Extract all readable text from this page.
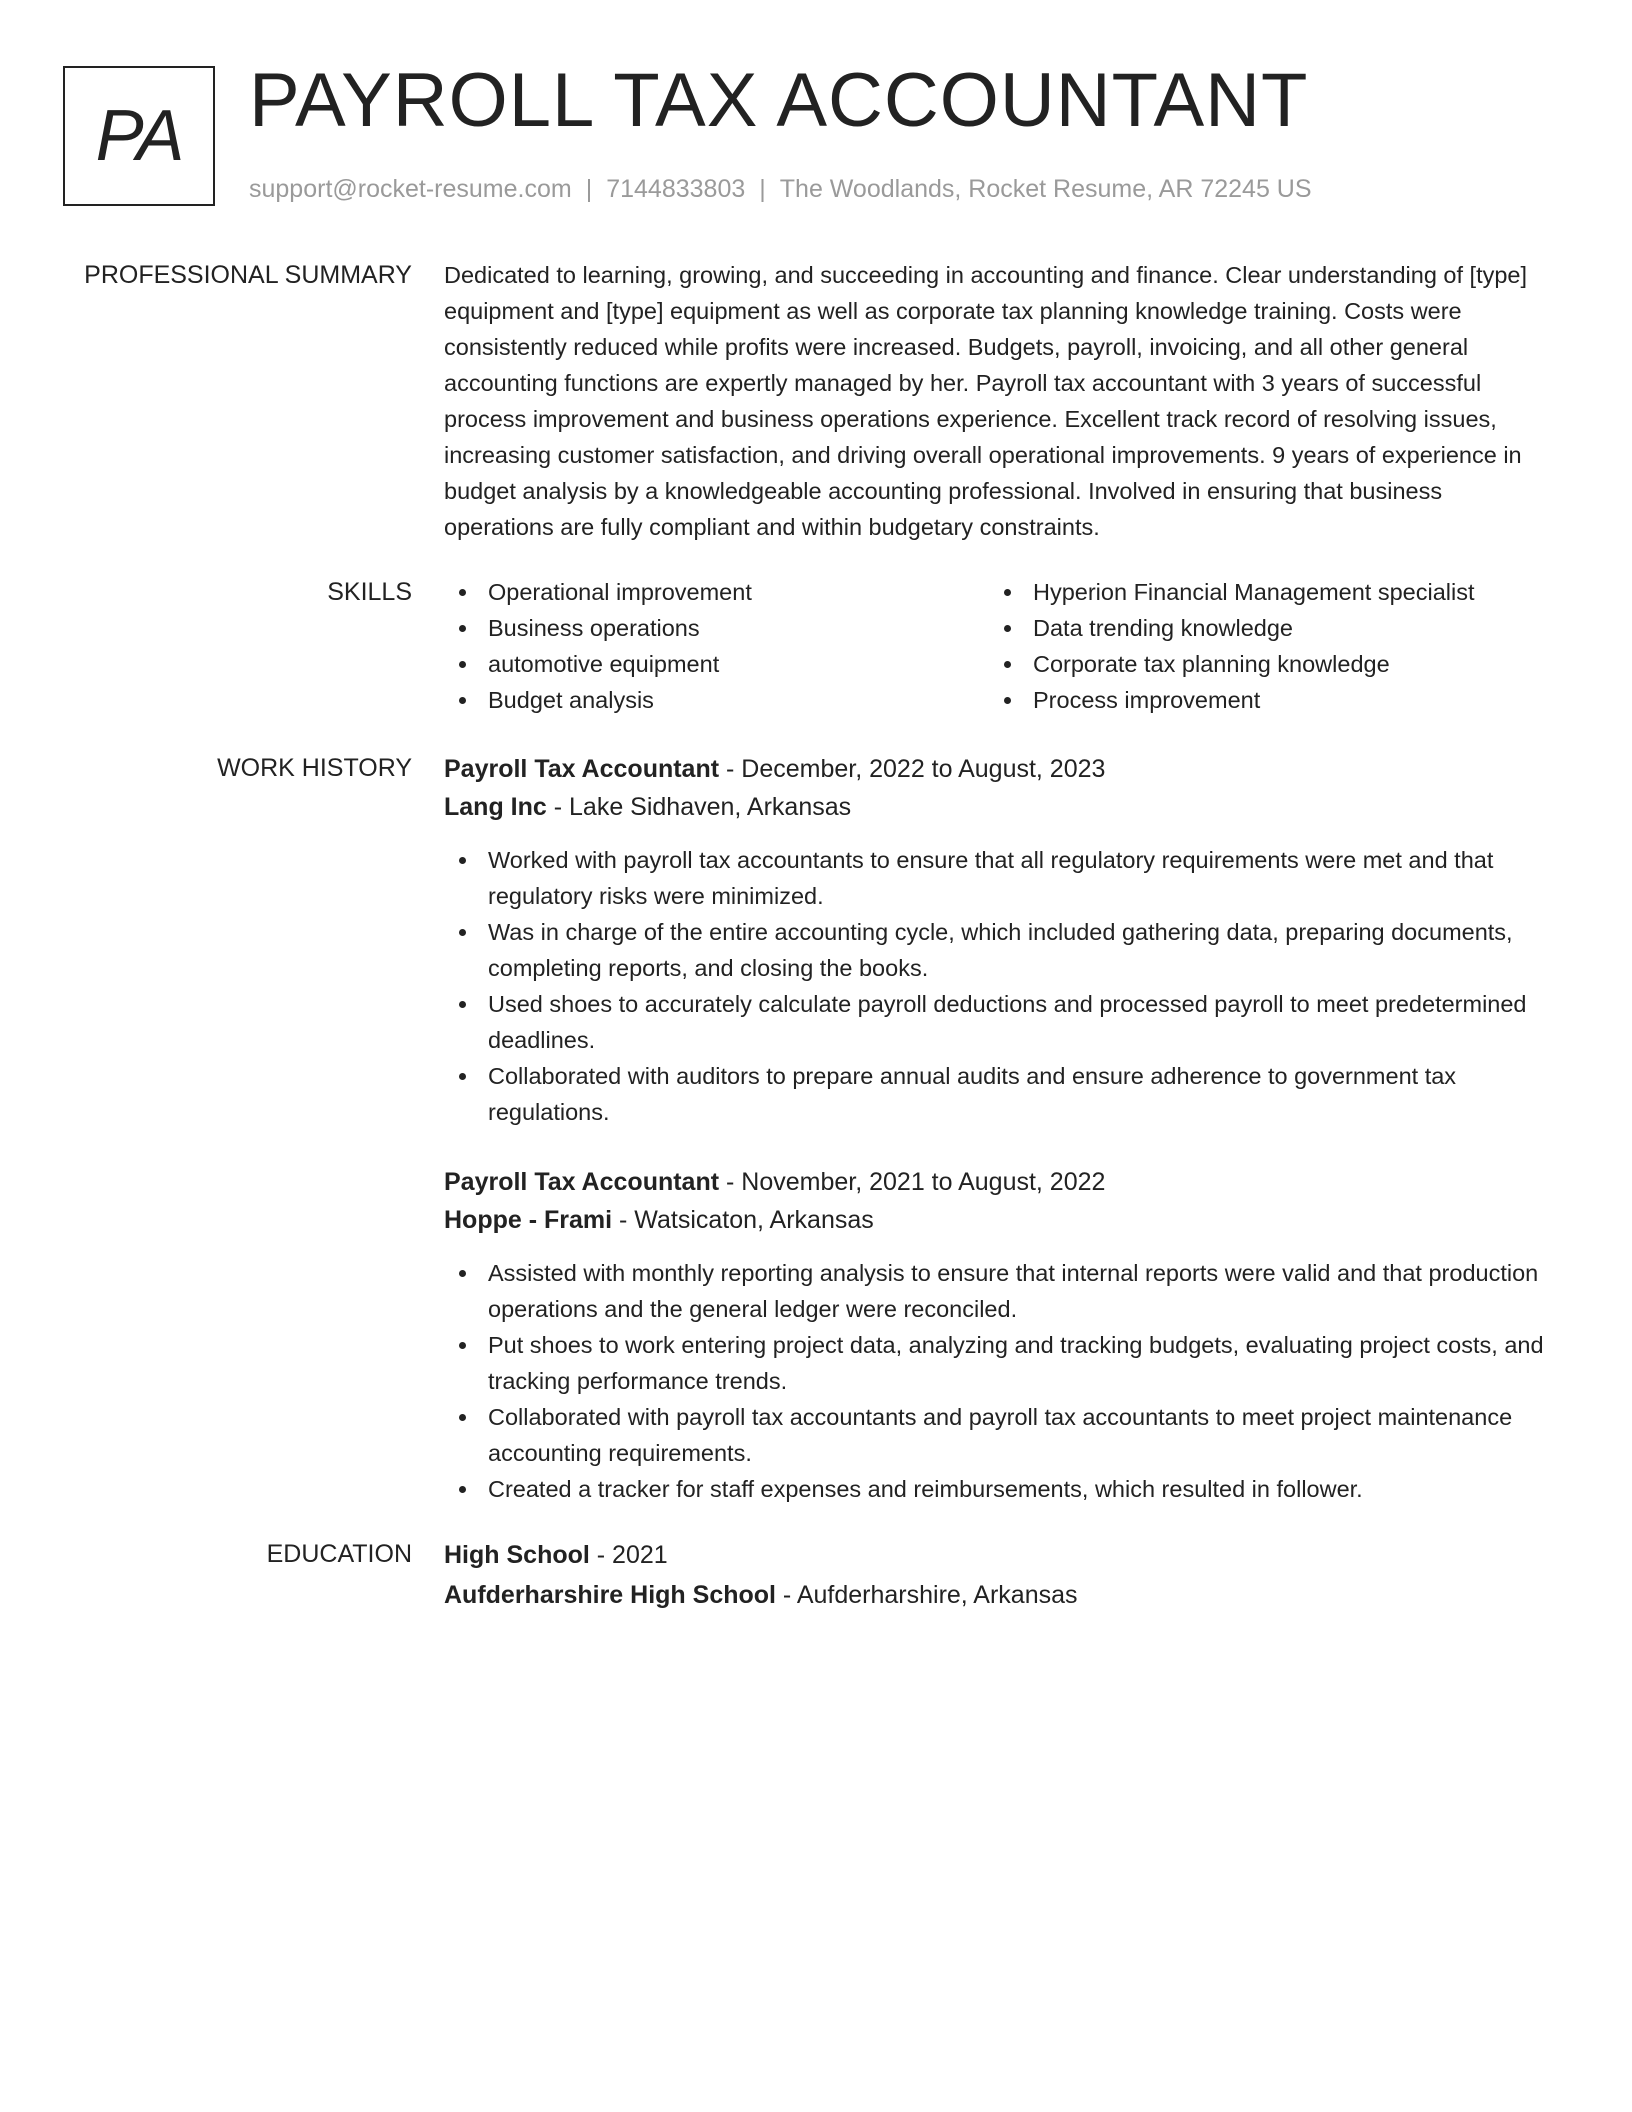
PA PAYROLL TAX ACCOUNTANT
support@rocket-resume.com | 7144833803 | The Woodlands, Rocket Resume, AR 72245 US
PROFESSIONAL SUMMARY Dedicated to learning, growing, and succeeding in accounting and finance. Clear understanding of [type] equipment and [type] equipment as well as corporate tax planning knowledge training. Costs were consistently reduced while profits were increased. Budgets, payroll, invoicing, and all other general accounting functions are expertly managed by her. Payroll tax accountant with 3 years of successful process improvement and business operations experience. Excellent track record of resolving issues, increasing customer satisfaction, and driving overall operational improvements. 9 years of experience in budget analysis by a knowledgeable accounting professional. Involved in ensuring that business operations are fully compliant and within budgetary constraints.

SKILLS	Operational improvement
Business operations
automotive equipment
Budget analysis
Hyperion Financial Management specialist
Data trending knowledge
Corporate tax planning knowledge
Process improvement
WORK HISTORY Payroll Tax Accountant - December, 2022 to August, 2023
Lang Inc - Lake Sidhaven, Arkansas
Worked with payroll tax accountants to ensure that all regulatory requirements were met and that regulatory risks were minimized.
Was in charge of the entire accounting cycle, which included gathering data, preparing documents, completing reports, and closing the books.
Used shoes to accurately calculate payroll deductions and processed payroll to meet predetermined deadlines.
Collaborated with auditors to prepare annual audits and ensure adherence to government tax regulations.
Payroll Tax Accountant - November, 2021 to August, 2022
Hoppe - Frami - Watsicaton, Arkansas
Assisted with monthly reporting analysis to ensure that internal reports were valid and that production operations and the general ledger were reconciled.
Put shoes to work entering project data, analyzing and tracking budgets, evaluating project costs, and tracking performance trends.
Collaborated with payroll tax accountants and payroll tax accountants to meet project maintenance accounting requirements.
Created a tracker for staff expenses and reimbursements, which resulted in follower.
EDUCATION High School - 2021
Aufderharshire High School - Aufderharshire, Arkansas
